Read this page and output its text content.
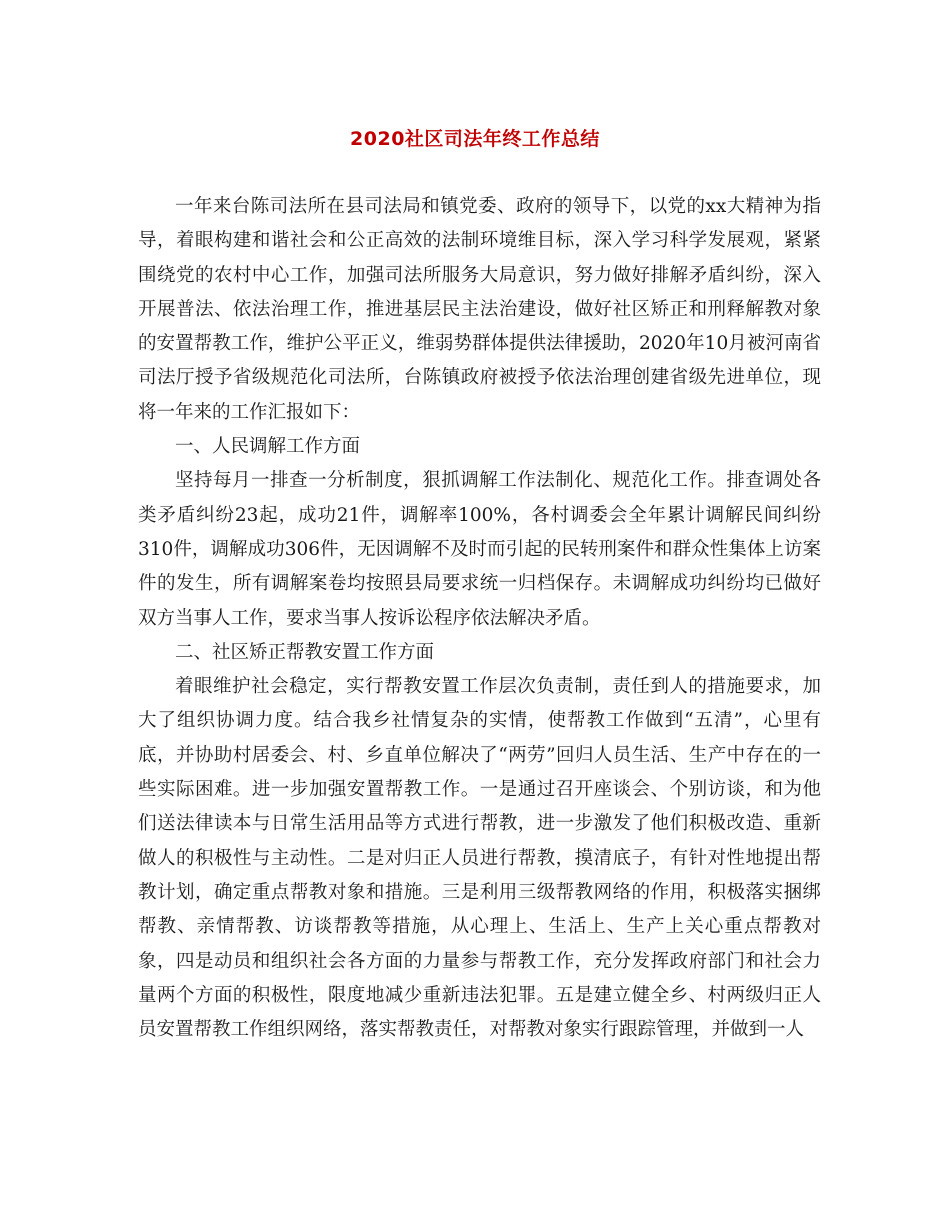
2020社区司法年终工作总结

一年来台陈司法所在县司法局和镇党委、政府的领导下，以党的xx大精神为指导，着眼构建和谐社会和公正高效的法制环境维目标，深入学习科学发展观，紧紧围绕党的农村中心工作，加强司法所服务大局意识，努力做好排解矛盾纠纷，深入开展普法、依法治理工作，推进基层民主法治建设，做好社区矫正和刑释解教对象的安置帮教工作，维护公平正义，维弱势群体提供法律援助，2020年10月被河南省司法厅授予省级规范化司法所，台陈镇政府被授予依法治理创建省级先进单位，现将一年来的工作汇报如下：

一、人民调解工作方面

坚持每月一排查一分析制度，狠抓调解工作法制化、规范化工作。排查调处各类矛盾纠纷23起，成功21件，调解率100%，各村调委会全年累计调解民间纠纷310件，调解成功306件，无因调解不及时而引起的民转刑案件和群众性集体上访案件的发生，所有调解案卷均按照县局要求统一归档保存。未调解成功纠纷均已做好双方当事人工作，要求当事人按诉讼程序依法解决矛盾。

二、社区矫正帮教安置工作方面

着眼维护社会稳定，实行帮教安置工作层次负责制，责任到人的措施要求，加大了组织协调力度。结合我乡社情复杂的实情，使帮教工作做到“五清”，心里有底，并协助村居委会、村、乡直单位解决了“两劳”回归人员生活、生产中存在的一些实际困难。进一步加强安置帮教工作。一是通过召开座谈会、个别访谈，和为他们送法律读本与日常生活用品等方式进行帮教，进一步激发了他们积极改造、重新做人的积极性与主动性。二是对归正人员进行帮教，摸清底子，有针对性地提出帮教计划，确定重点帮教对象和措施。三是利用三级帮教网络的作用，积极落实捆绑帮教、亲情帮教、访谈帮教等措施，从心理上、生活上、生产上关心重点帮教对象，四是动员和组织社会各方面的力量参与帮教工作，充分发挥政府部门和社会力量两个方面的积极性，限度地减少重新违法犯罪。五是建立健全乡、村两级归正人员安置帮教工作组织网络，落实帮教责任，对帮教对象实行跟踪管理，并做到一人
